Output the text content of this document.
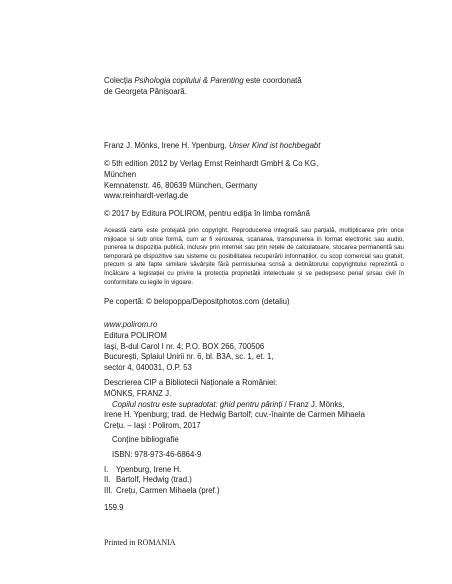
Colecția Psihologia copilului & Parenting este coordonată

de Georgeta Pânișoară.

Franz J. Mönks, Irene H. Ypenburg, Unser Kind ist hochbegabt

© 5th edition 2012 by Verlag Ernst Reinhardt GmbH & Co KG,

München

Kemnatenstr. 46, 80639 München, Germany

www.reinhardt-verlag.de

© 2017 by Editura POLIROM, pentru ediția în limba română

Această carte este protejată prin copyright. Reproducerea integrală sau parțială, multiplicarea prin orice mijloace și sub orice formă, cum ar fi xeroxarea, scanarea, transpunerea în format electronic sau audio, punerea la dispoziția publică, inclusiv prin internet sau prin rețele de calculatoare, stocarea permanentă sau temporară pe dispozitive sau sisteme cu posibilitatea recuperării informațiilor, cu scop comercial sau gratuit, precum și alte fapte similare săvârșite fără permisiunea scrisă a deținătorului copyrightului reprezintă o încălcare a legislației cu privire la protecția proprietății intelectuale și se pedepsesc penal și/sau civil în conformitate cu legile în vigoare.

Pe copertă: © belopoppa/Depositphotos.com (detaliu)

www.polirom.ro

Editura POLIROM

Iași, B-dul Carol I nr. 4; P.O. BOX 266, 700506

București, Splaiul Unirii nr. 6, bl. B3A, sc. 1, et. 1,

sector 4, 040031, O.P. 53

Descrierea CIP a Bibliotecii Naționale a României:

MÖNKS, FRANZ J.

Copilul nostru este supradotat: ghid pentru părinți / Franz J. Mönks,

Irene H. Ypenburg; trad. de Hedwig Bartolf; cuv.-înainte de Carmen Mihaela

Crețu. – Iași : Polirom, 2017

Conține bibliografie

ISBN: 978-973-46-6864-9

I. Ypenburg, Irene H.
II. Bartolf, Hedwig (trad.)
III. Crețu, Carmen Mihaela (pref.)

159.9

Printed in ROMANIA
